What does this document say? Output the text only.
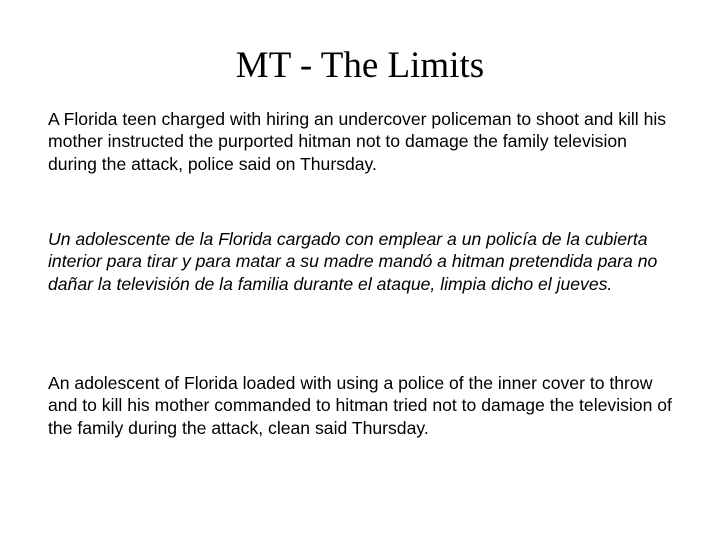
MT - The Limits

A Florida teen charged with hiring an undercover policeman to shoot and kill his mother instructed the purported hitman not to damage the family television during the attack, police said on Thursday.

Un adolescente de la Florida cargado con emplear a un policía de la cubierta interior para tirar y para matar a su madre mandó a hitman pretendida para no dañar la televisión de la familia durante el ataque, limpia dicho el jueves.

An adolescent of Florida loaded with using a police of the inner cover to throw and to kill his mother commanded to hitman tried not to damage the television of the family during the attack, clean said Thursday.
